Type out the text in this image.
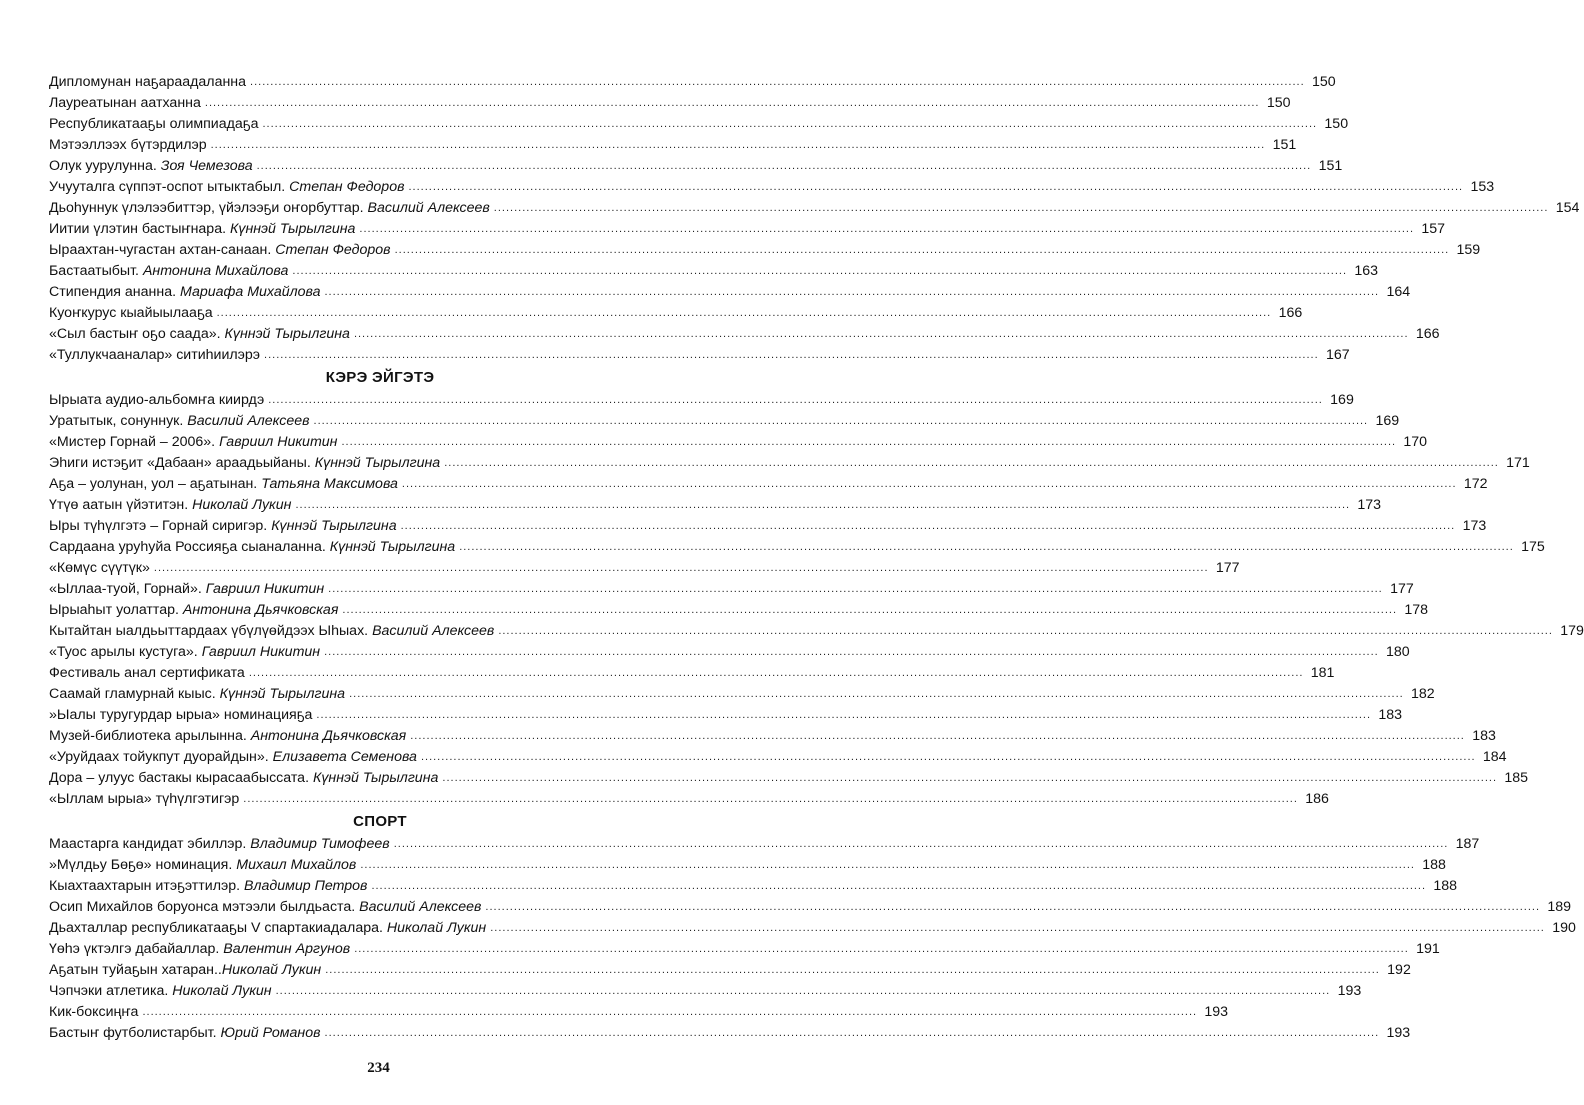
Дипломунан наҕараадаланна .................................................................................................................................................................................................................................................................... 150
Лауреатынан аатханна .................................................................................................................................................................................................................................................................... 150
Республикатааҕы олимпиадаҕа .................................................................................................................................................................................................................................................................... 150
Мэтээллээх бүтэрдилэр .................................................................................................................................................................................................................................................................... 151
Олук уурулунна. Зоя Чемезова .................................................................................................................................................................................................................................................................... 151
Учууталга сүппэт-оспот ытыктабыл. Степан Федоров .................................................................................................................................................................................................................................................................... 153
Дьоһуннук үлэлээбиттэр, үйэлээҕи оҥорбуттар. Василий Алексеев .................................................................................................................................................................................................................................................................... 154
Иитии үлэтин бастыҥнара. Күннэй Тырылгина .................................................................................................................................................................................................................................................................... 157
Ыраахтан-чугастан ахтан-санаан. Степан Федоров .................................................................................................................................................................................................................................................................... 159
Бастаатыбыт. Антонина Михайлова .................................................................................................................................................................................................................................................................... 163
Стипендия ананна. Мариафа Михайлова .................................................................................................................................................................................................................................................................... 164
Куоҥкурус кыайыылааҕа .................................................................................................................................................................................................................................................................... 166
«Сыл бастыҥ оҕо саада». Күннэй Тырылгина .................................................................................................................................................................................................................................................................... 166
«Туллукчааналар» ситиһиилэрэ .................................................................................................................................................................................................................................................................... 167
КЭРЭ ЭЙГЭТЭ
Ырыата аудио-альбомҥа киирдэ .................................................................................................................................................................................................................................................................... 169
Уратытык, сонуннук. Василий Алексеев .................................................................................................................................................................................................................................................................... 169
«Мистер Горнай – 2006». Гавриил Никитин .................................................................................................................................................................................................................................................................... 170
Эһиги истэҕит «Дабаан» араадьыйаны. Күннэй Тырылгина .................................................................................................................................................................................................................................................................... 171
Аҕа – уолунан, уол – аҕатынан. Татьяна Максимова .................................................................................................................................................................................................................................................................... 172
Үтүө аатын үйэтитэн. Николай Лукин .................................................................................................................................................................................................................................................................... 173
Ыры түһүлгэтэ – Горнай сиригэр. Күннэй Тырылгина .................................................................................................................................................................................................................................................................... 173
Сардаана уруһуйа Россияҕа сыаналанна. Күннэй Тырылгина .................................................................................................................................................................................................................................................................... 175
«Көмүс сүүтүк» .................................................................................................................................................................................................................................................................... 177
«Ыллаа-туой, Горнай». Гавриил Никитин .................................................................................................................................................................................................................................................................... 177
Ырыаһыт уолаттар. Антонина Дьячковская .................................................................................................................................................................................................................................................................... 178
Кытайтан ыалдьыттардаах үбүлүөйдээх Ыһыах. Василий Алексеев .................................................................................................................................................................................................................................................................... 179
«Туос арылы кустуга». Гавриил Никитин .................................................................................................................................................................................................................................................................... 180
Фестиваль анал сертификата .................................................................................................................................................................................................................................................................... 181
Саамай гламурнай кыыс. Күннэй Тырылгина .................................................................................................................................................................................................................................................................... 182
»Ыалы туругурдар ырыа» номинацияҕа .................................................................................................................................................................................................................................................................... 183
Музей-библиотека арылынна. Антонина Дьячковская .................................................................................................................................................................................................................................................................... 183
«Уруйдаах тойукпут дуорайдын». Елизавета Семенова .................................................................................................................................................................................................................................................................... 184
Дора – улуус бастакы кырасаабыссата. Күннэй Тырылгина .................................................................................................................................................................................................................................................................... 185
«Ыллам ырыа» түһүлгэтигэр .................................................................................................................................................................................................................................................................... 186
СПОРТ
Маастарга кандидат эбиллэр. Владимир Тимофеев .................................................................................................................................................................................................................................................................... 187
»Мүлдьу Бөҕө» номинация. Михаил Михайлов .................................................................................................................................................................................................................................................................... 188
Кыахтаахтарын итэҕэттилэр. Владимир Петров .................................................................................................................................................................................................................................................................... 188
Осип Михайлов боруонса мэтээли былдьаста. Василий Алексеев .................................................................................................................................................................................................................................................................... 189
Дьахталлар республикатааҕы V спартакиадалара. Николай Лукин .................................................................................................................................................................................................................................................................... 190
Үөһэ үктэлгэ дабайаллар. Валентин Аргунов .................................................................................................................................................................................................................................................................... 191
Аҕатын туйаҕын хатаран..Николай Лукин .................................................................................................................................................................................................................................................................... 192
Чэпчэки атлетика. Николай Лукин .................................................................................................................................................................................................................................................................... 193
Кик-боксиңҥа .................................................................................................................................................................................................................................................................... 193
Бастыҥ футболистарбыт. Юрий Романов .................................................................................................................................................................................................................................................................... 193
234
